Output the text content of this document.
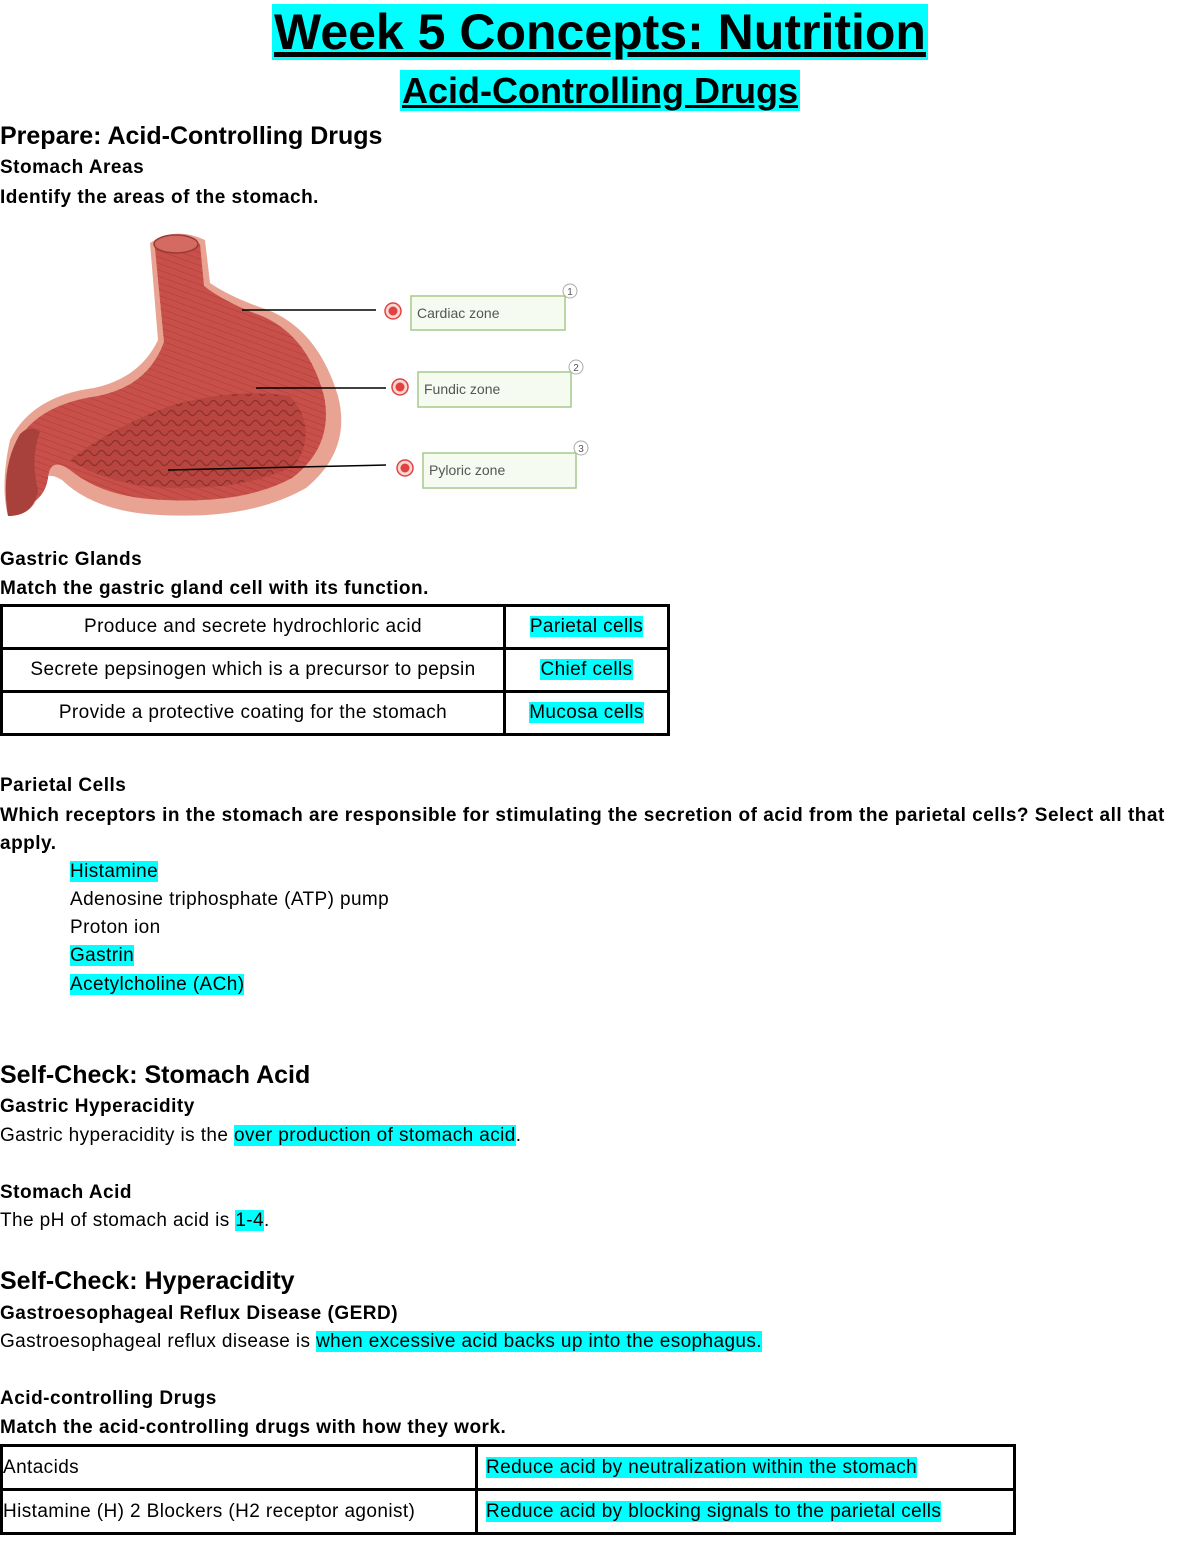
Week 5 Concepts: Nutrition
Acid-Controlling Drugs
Prepare: Acid-Controlling Drugs
Stomach Areas
Identify the areas of the stomach.
Cardiac zone
Fundic zone
Pyloric zone
1
2
3
Gastric Glands
Match the gastric gland cell with its function.
Produce and secrete hydrochloric acid	Parietal cells
Secrete pepsinogen which is a precursor to pepsin	Chief cells
Provide a protective coating for the stomach	Mucosa cells
Parietal Cells
Which receptors in the stomach are responsible for stimulating the secretion of acid from the parietal cells? Select all that apply.
Histamine
Adenosine triphosphate (ATP) pump
Proton ion
Gastrin
Acetylcholine (ACh)
Self-Check: Stomach Acid
Gastric Hyperacidity
Gastric hyperacidity is the over production of stomach acid.
Stomach Acid
The pH of stomach acid is 1-4.
Self-Check: Hyperacidity
Gastroesophageal Reflux Disease (GERD)
Gastroesophageal reflux disease is when excessive acid backs up into the esophagus.
Acid-controlling Drugs
Match the acid-controlling drugs with how they work.
Antacids	Reduce acid by neutralization within the stomach
Histamine (H) 2 Blockers (H2 receptor agonist)	Reduce acid by blocking signals to the parietal cells
